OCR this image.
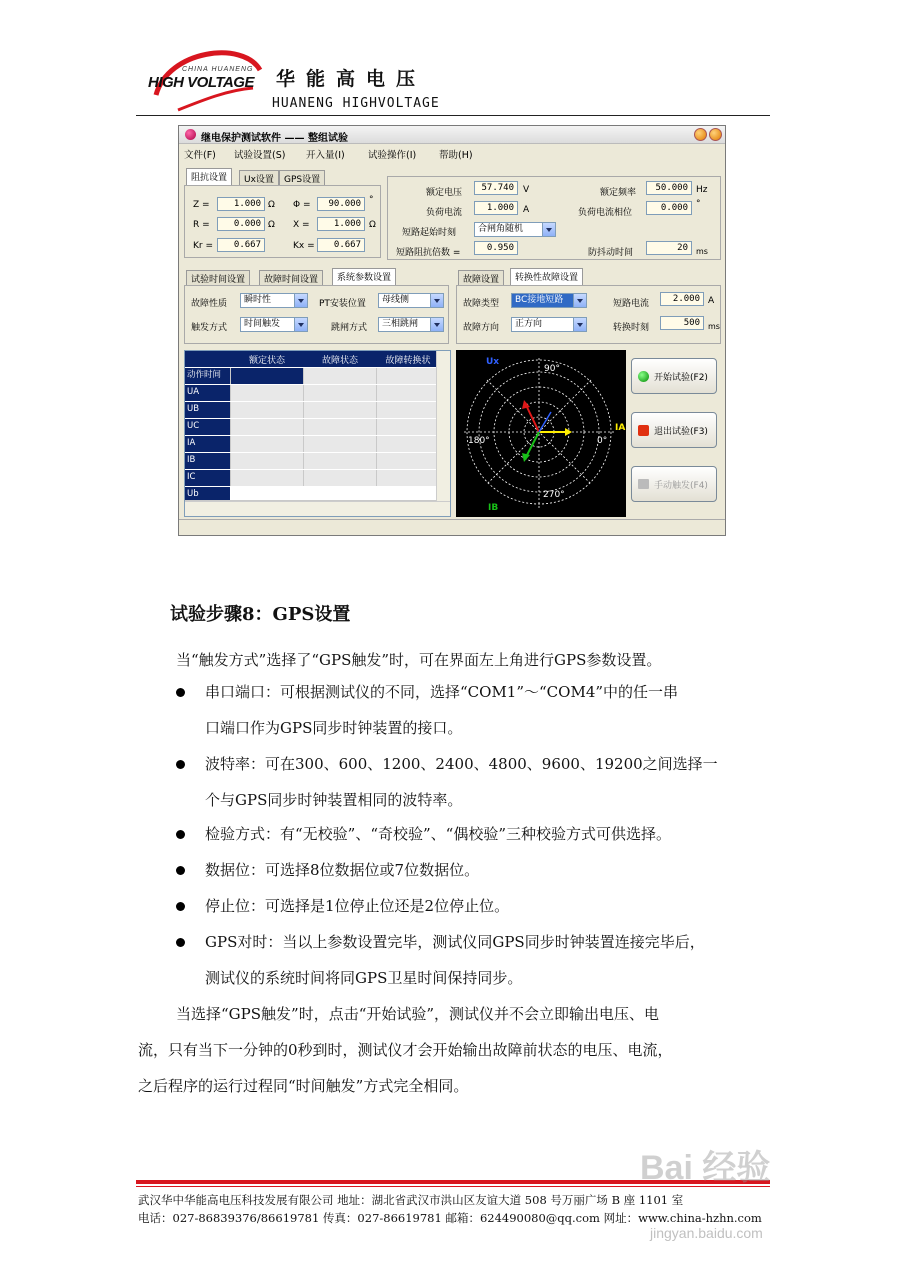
CHINA HUANENG
HIGH VOLTAGE 华能高电压
HUANENG HIGHVOLTAGE
继电保护测试软件 —— 整组试验
文件(F) 试验设置(S) 开入量(I) 试验操作(I) 帮助(H)
阻抗设置	Ux设置	GPS设置
Z =	1.000 Ω Φ =	90.000 °
R =	0.000 Ω X =	1.000 Ω
Kr =	0.667	Kx =	0.667
额定电压	57.740	V	额定频率	50.000 Hz
负荷电流	1.000	A	负荷电流相位	0.000 °
短路起始时刻	合闸角随机
短路阻抗倍数 =	0.950	防抖动时间	20	ms
试验时间设置	故障时间设置	系统参数设置
故障性质	瞬时性	PT安装位置	母线侧
触发方式	时间触发	跳闸方式	三相跳闸
故障设置	转换性故障设置
故障类型	BC接地短路	短路电流	2.000 A
故障方向	正方向	转换时刻	500	ms
额定状态	故障状态	故障转换状
动作时间
UA
UB
UC
IA
IB
IC
Ub
90°
180°	0°
270°
Ux
IA
IB
开始试验(F2)
退出试验(F3)
手动触发(F4)
试验步骤8：GPS设置
当“触发方式”选择了“GPS触发”时，可在界面左上角进行GPS参数设置。
串口端口：可根据测试仪的不同，选择“COM1”～“COM4”中的任一串
口端口作为GPS同步时钟装置的接口。
波特率：可在300、600、1200、2400、4800、9600、19200之间选择一
个与GPS同步时钟装置相同的波特率。
检验方式：有“无校验”、“奇校验”、“偶校验”三种校验方式可供选择。
数据位：可选择8位数据位或7位数据位。
停止位：可选择是1位停止位还是2位停止位。
GPS对时：当以上参数设置完毕，测试仪同GPS同步时钟装置连接完毕后，
测试仪的系统时间将同GPS卫星时间保持同步。
当选择“GPS触发”时，点击“开始试验”，测试仪并不会立即输出电压、电
流，只有当下一分钟的0秒到时，测试仪才会开始输出故障前状态的电压、电流，
之后程序的运行过程同“时间触发”方式完全相同。
武汉华中华能高电压科技发展有限公司 地址：湖北省武汉市洪山区友谊大道 508 号万丽广场 B 座 1101 室
电话：027-86839376/86619781 传真：027-86619781 邮箱：624490080@qq.com 网址：www.china-hzhn.com
Bai 经验
jingyan.baidu.com
